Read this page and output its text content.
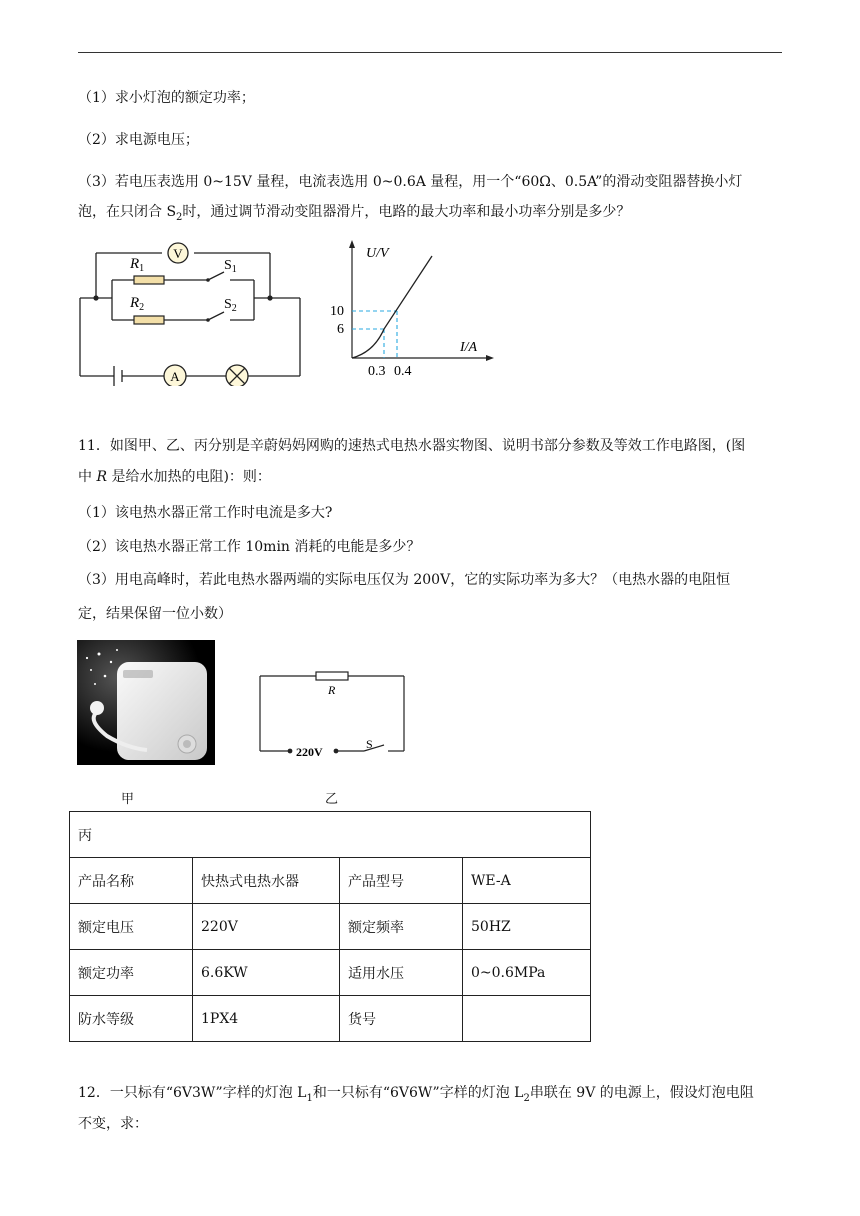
（1）求小灯泡的额定功率；
（2）求电源电压；
（3）若电压表选用 0~15V 量程，电流表选用 0~0.6A 量程，用一个“60Ω、0.5A”的滑动变阻器替换小灯
泡，在只闭合 $S_2$时，通过调节滑动变阻器滑片，电路的最大功率和最小功率分别是多少？
V
A
$R_1$
$R_2$
$S_1$
$S_2$
U/V
I/A
10
6
0.3 0.4
11．如图甲、乙、丙分别是辛蔚妈妈网购的速热式电热水器实物图、说明书部分参数及等效工作电路图，(图
中 R 是给水加热的电阻)：则：
（1）该电热水器正常工作时电流是多大?
（2）该电热水器正常工作 10min 消耗的电能是多少？
（3）用电高峰时，若此电热水器两端的实际电压仅为 200V，它的实际功率为多大？（电热水器的电阻恒
定，结果保留一位小数）
R
220V
S
甲	乙
丙			
产品名称	快热式电热水器	产品型号	WE-A
额定电压	220V	额定频率	50HZ
额定功率	6.6KW	适用水压	0~0.6MPa
防水等级	1PX4	货号	
12．一只标有“6V3W”字样的灯泡 $L_1$和一只标有“6V6W”字样的灯泡 $L_2$串联在 9V 的电源上，假设灯泡电阻
不变，求：
